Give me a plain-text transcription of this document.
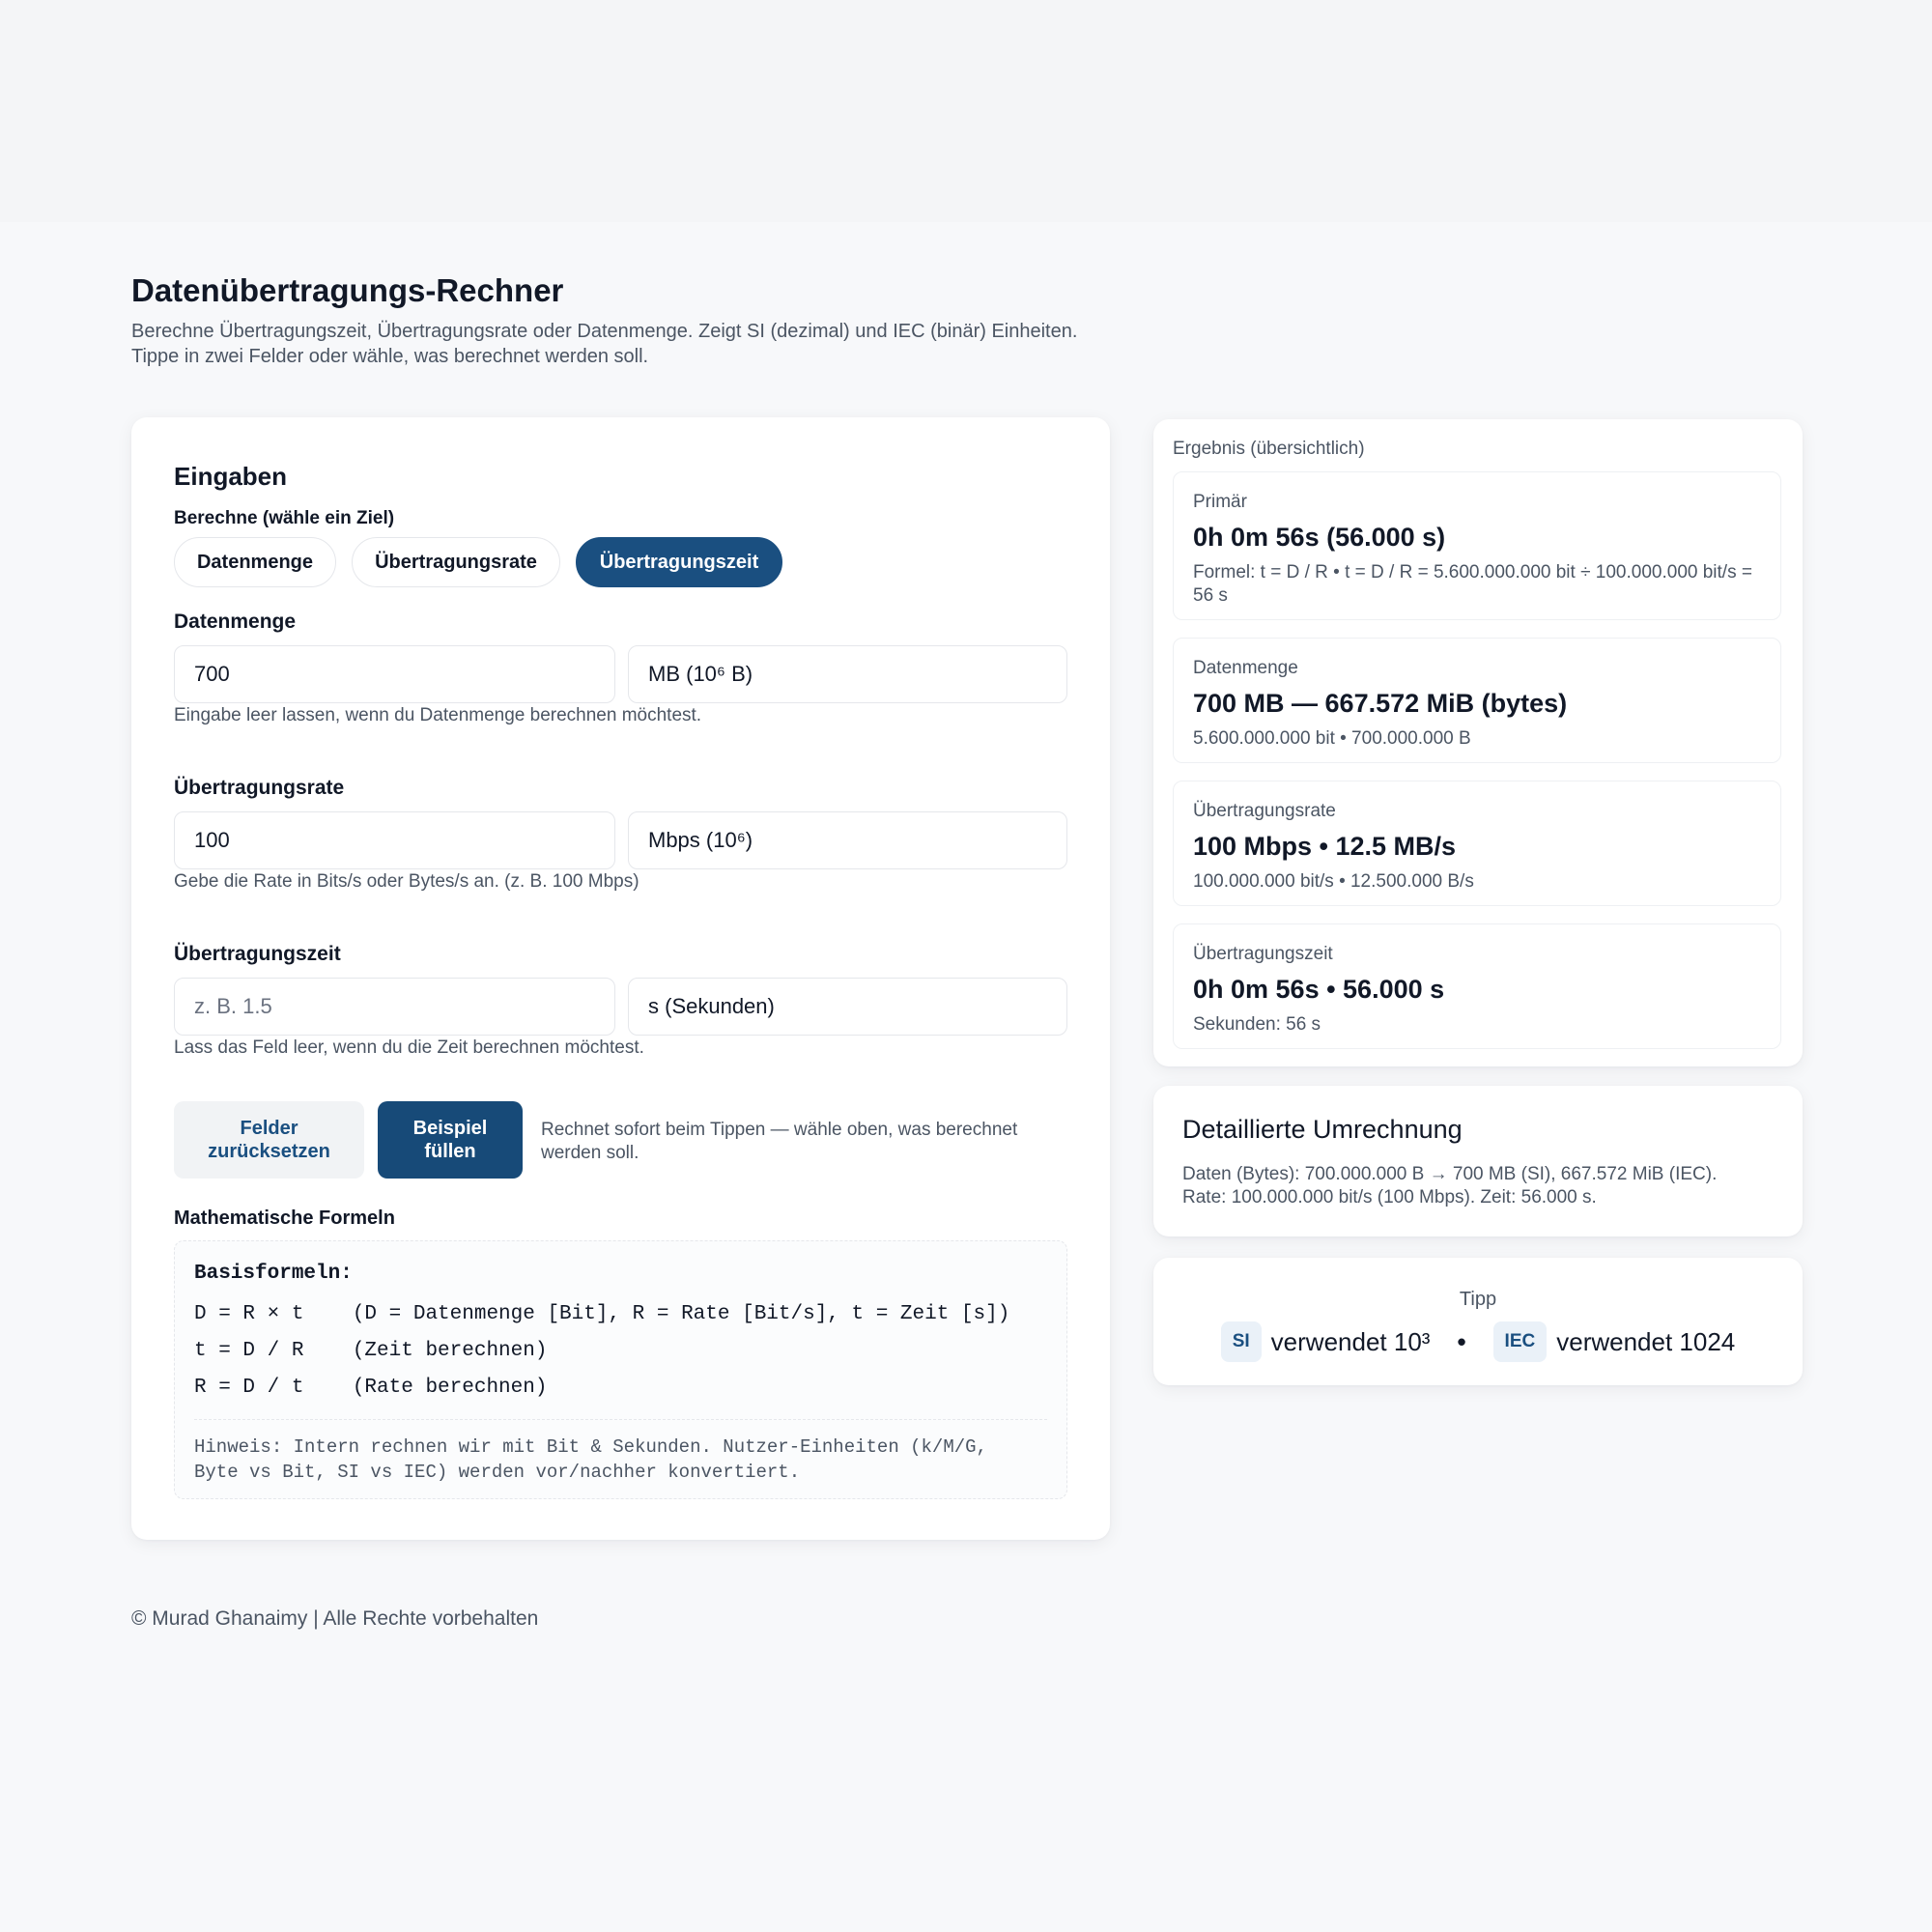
Datenübertragungs-Rechner
Berechne Übertragungszeit, Übertragungsrate oder Datenmenge. Zeigt SI (dezimal) und IEC (binär) Einheiten.
Tippe in zwei Felder oder wähle, was berechnet werden soll.
Eingaben
Berechne (wähle ein Ziel)
Datenmenge	Übertragungsrate	Übertragungszeit
Datenmenge
700
MB (10⁶ B)
Eingabe leer lassen, wenn du Datenmenge berechnen möchtest.
Übertragungsrate
100
Mbps (10⁶)
Gebe die Rate in Bits/s oder Bytes/s an. (z. B. 100 Mbps)
Übertragungszeit
z. B. 1.5
s (Sekunden)
Lass das Feld leer, wenn du die Zeit berechnen möchtest.
Felder
zurücksetzen
Beispiel
füllen
Rechnet sofort beim Tippen — wähle oben, was berechnet werden soll.
Mathematische Formeln
Basisformeln:
D = R × t    (D = Datenmenge [Bit], R = Rate [Bit/s], t = Zeit [s])
t = D / R    (Zeit berechnen)
R = D / t    (Rate berechnen)
Hinweis: Intern rechnen wir mit Bit & Sekunden. Nutzer-Einheiten (k/M/G, Byte vs Bit, SI vs IEC) werden vor/nachher konvertiert.
Ergebnis (übersichtlich)
Primär
0h 0m 56s (56.000 s)
Formel: t = D / R • t = D / R = 5.600.000.000 bit ÷ 100.000.000 bit/s = 56 s
Datenmenge
700 MB — 667.572 MiB (bytes)
5.600.000.000 bit • 700.000.000 B
Übertragungsrate
100 Mbps • 12.5 MB/s
100.000.000 bit/s • 12.500.000 B/s
Übertragungszeit
0h 0m 56s • 56.000 s
Sekunden: 56 s
Detaillierte Umrechnung
Daten (Bytes): 700.000.000 B → 700 MB (SI), 667.572 MiB (IEC).
Rate: 100.000.000 bit/s (100 Mbps). Zeit: 56.000 s.
Tipp
SI verwendet 10³ •	IEC verwendet 1024
© Murad Ghanaimy | Alle Rechte vorbehalten
